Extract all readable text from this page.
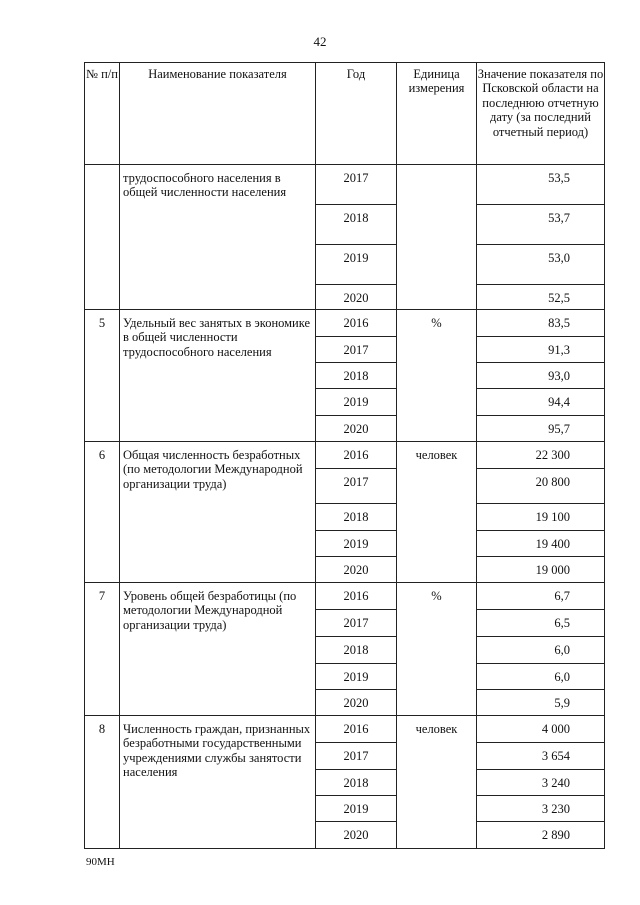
42
№ п/п	Наименование показателя	Год	Единица измерения	Значение показателя по Псковской области на последнюю отчетную дату (за последний отчетный период)
	трудоспособного населения в общей численности населения	2017		53,5

		2018		53,7

		2019		53,0

		2020		52,5

5	Удельный вес занятых в экономике в общей численности трудоспособного населения	2016	%	83,5

		2017		91,3

		2018		93,0

		2019		94,4

		2020		95,7

6	Общая численность безработных (по методологии Международной организации труда)	2016	человек	22 300

		2017		20 800

		2018		19 100

		2019		19 400

		2020		19 000

7	Уровень общей безработицы (по методологии Международной организации труда)	2016	%	6,7

		2017		6,5

		2018		6,0

		2019		6,0

		2020		5,9

8	Численность граждан, признанных безработными государственными учреждениями службы занятости населения	2016	человек	4 000

		2017		3 654

		2018		3 240

		2019		3 230

		2020		2 890
90МН
